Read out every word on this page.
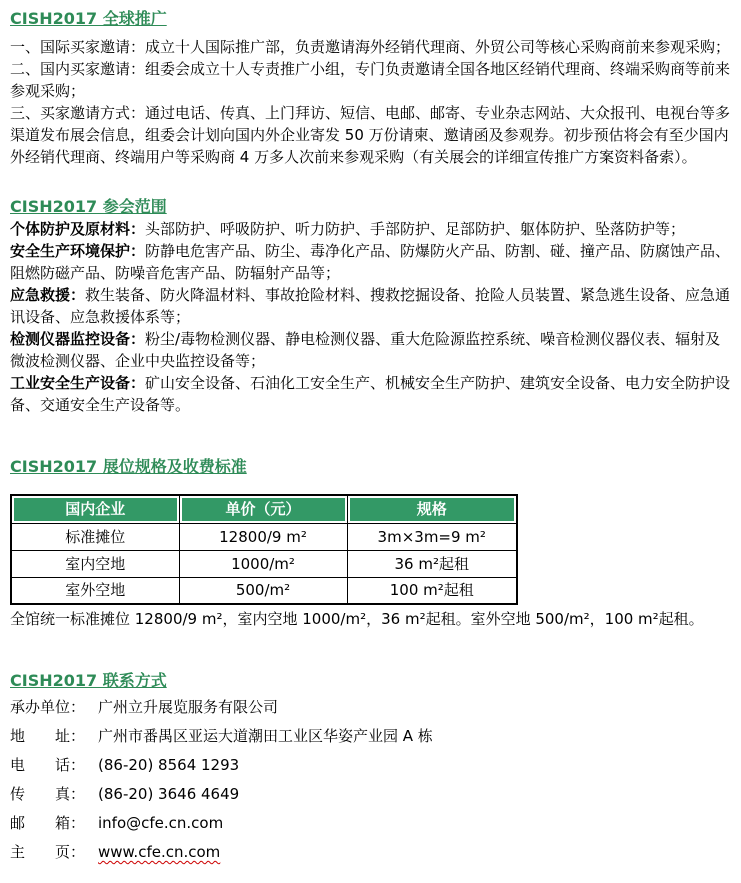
CISH2017 全球推广

一、国际买家邀请：成立十人国际推广部，负责邀请海外经销代理商、外贸公司等核心采购商前来参观采购；

二、国内买家邀请：组委会成立十人专责推广小组，专门负责邀请全国各地区经销代理商、终端采购商等前来参观采购；

三、买家邀请方式：通过电话、传真、上门拜访、短信、电邮、邮寄、专业杂志网站、大众报刊、电视台等多渠道发布展会信息，组委会计划向国内外企业寄发 50 万份请柬、邀请函及参观券。初步预估将会有至少国内外经销代理商、终端用户等采购商 4 万多人次前来参观采购（有关展会的详细宣传推广方案资料备索）。

CISH2017 参会范围

个体防护及原材料：头部防护、呼吸防护、听力防护、手部防护、足部防护、躯体防护、坠落防护等；

安全生产环境保护：防静电危害产品、防尘、毒净化产品、防爆防火产品、防割、碰、撞产品、防腐蚀产品、阻燃防磁产品、防噪音危害产品、防辐射产品等；

应急救援：救生装备、防火降温材料、事故抢险材料、搜救挖掘设备、抢险人员装置、紧急逃生设备、应急通讯设备、应急救援体系等；

检测仪器监控设备：粉尘/毒物检测仪器、静电检测仪器、重大危险源监控系统、噪音检测仪器仪表、辐射及微波检测仪器、企业中央监控设备等；

工业安全生产设备：矿山安全设备、石油化工安全生产、机械安全生产防护、建筑安全设备、电力安全防护设备、交通安全生产设备等。

CISH2017 展位规格及收费标准
国内企业	单价（元）	规格
标准摊位	12800/9 m²	3m×3m=9 m²
室内空地	1000/m²	36 m²起租
室外空地	500/m²	100 m²起租

全馆统一标准摊位 12800/9 m²，室内空地 1000/m²，36 m²起租。室外空地 500/m²，100 m²起租。

CISH2017 联系方式
承办单位： 广州立升展览服务有限公司
地　　址： 广州市番禺区亚运大道潮田工业区华姿产业园 A 栋
电　　话： (86-20) 8564 1293
传　　真： (86-20) 3646 4649
邮　　箱： info@cfe.cn.com
主　　页： www.cfe.cn.com
